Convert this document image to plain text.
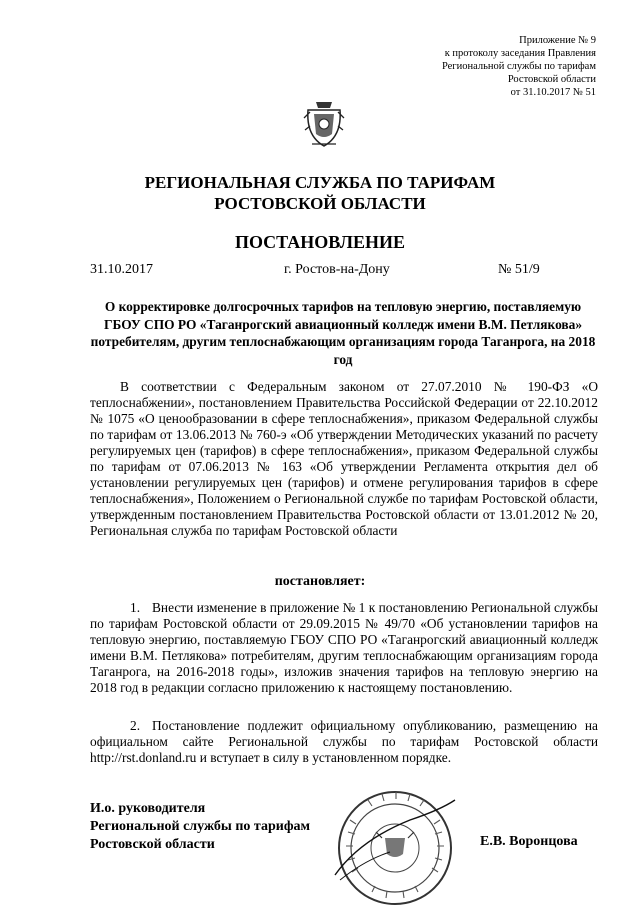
Приложение № 9
к протоколу заседания Правления
Региональной службы по тарифам
Ростовской области
от 31.10.2017 № 51
РЕГИОНАЛЬНАЯ СЛУЖБА ПО ТАРИФАМ
РОСТОВСКОЙ ОБЛАСТИ
ПОСТАНОВЛЕНИЕ
31.10.2017	г. Ростов-на-Дону	№ 51/9
О корректировке долгосрочных тарифов на тепловую энергию, поставляемую ГБОУ СПО РО «Таганрогский авиационный колледж имени В.М. Петлякова» потребителям, другим теплоснабжающим организациям города Таганрога, на 2018 год
В соответствии с Федеральным законом от 27.07.2010 № 190-ФЗ «О теплоснабжении», постановлением Правительства Российской Федерации от 22.10.2012 № 1075 «О ценообразовании в сфере теплоснабжения», приказом Федеральной службы по тарифам от 13.06.2013 № 760-э «Об утверждении Методических указаний по расчету регулируемых цен (тарифов) в сфере теплоснабжения», приказом Федеральной службы по тарифам от 07.06.2013 № 163 «Об утверждении Регламента открытия дел об установлении регулируемых цен (тарифов) и отмене регулирования тарифов в сфере теплоснабжения», Положением о Региональной службе по тарифам Ростовской области, утвержденным постановлением Правительства Ростовской области от 13.01.2012 № 20, Региональная служба по тарифам Ростовской области
постановляет:
1. Внести изменение в приложение № 1 к постановлению Региональной службы по тарифам Ростовской области от 29.09.2015 № 49/70 «Об установлении тарифов на тепловую энергию, поставляемую ГБОУ СПО РО «Таганрогский авиационный колледж имени В.М. Петлякова» потребителям, другим теплоснабжающим организациям города Таганрога, на 2016-2018 годы», изложив значения тарифов на тепловую энергию на 2018 год в редакции согласно приложению к настоящему постановлению.
2. Постановление подлежит официальному опубликованию, размещению на официальном сайте Региональной службы по тарифам Ростовской области http://rst.donland.ru и вступает в силу в установленном порядке.
И.о. руководителя
Региональной службы по тарифам
Ростовской области	Е.В. Воронцова
